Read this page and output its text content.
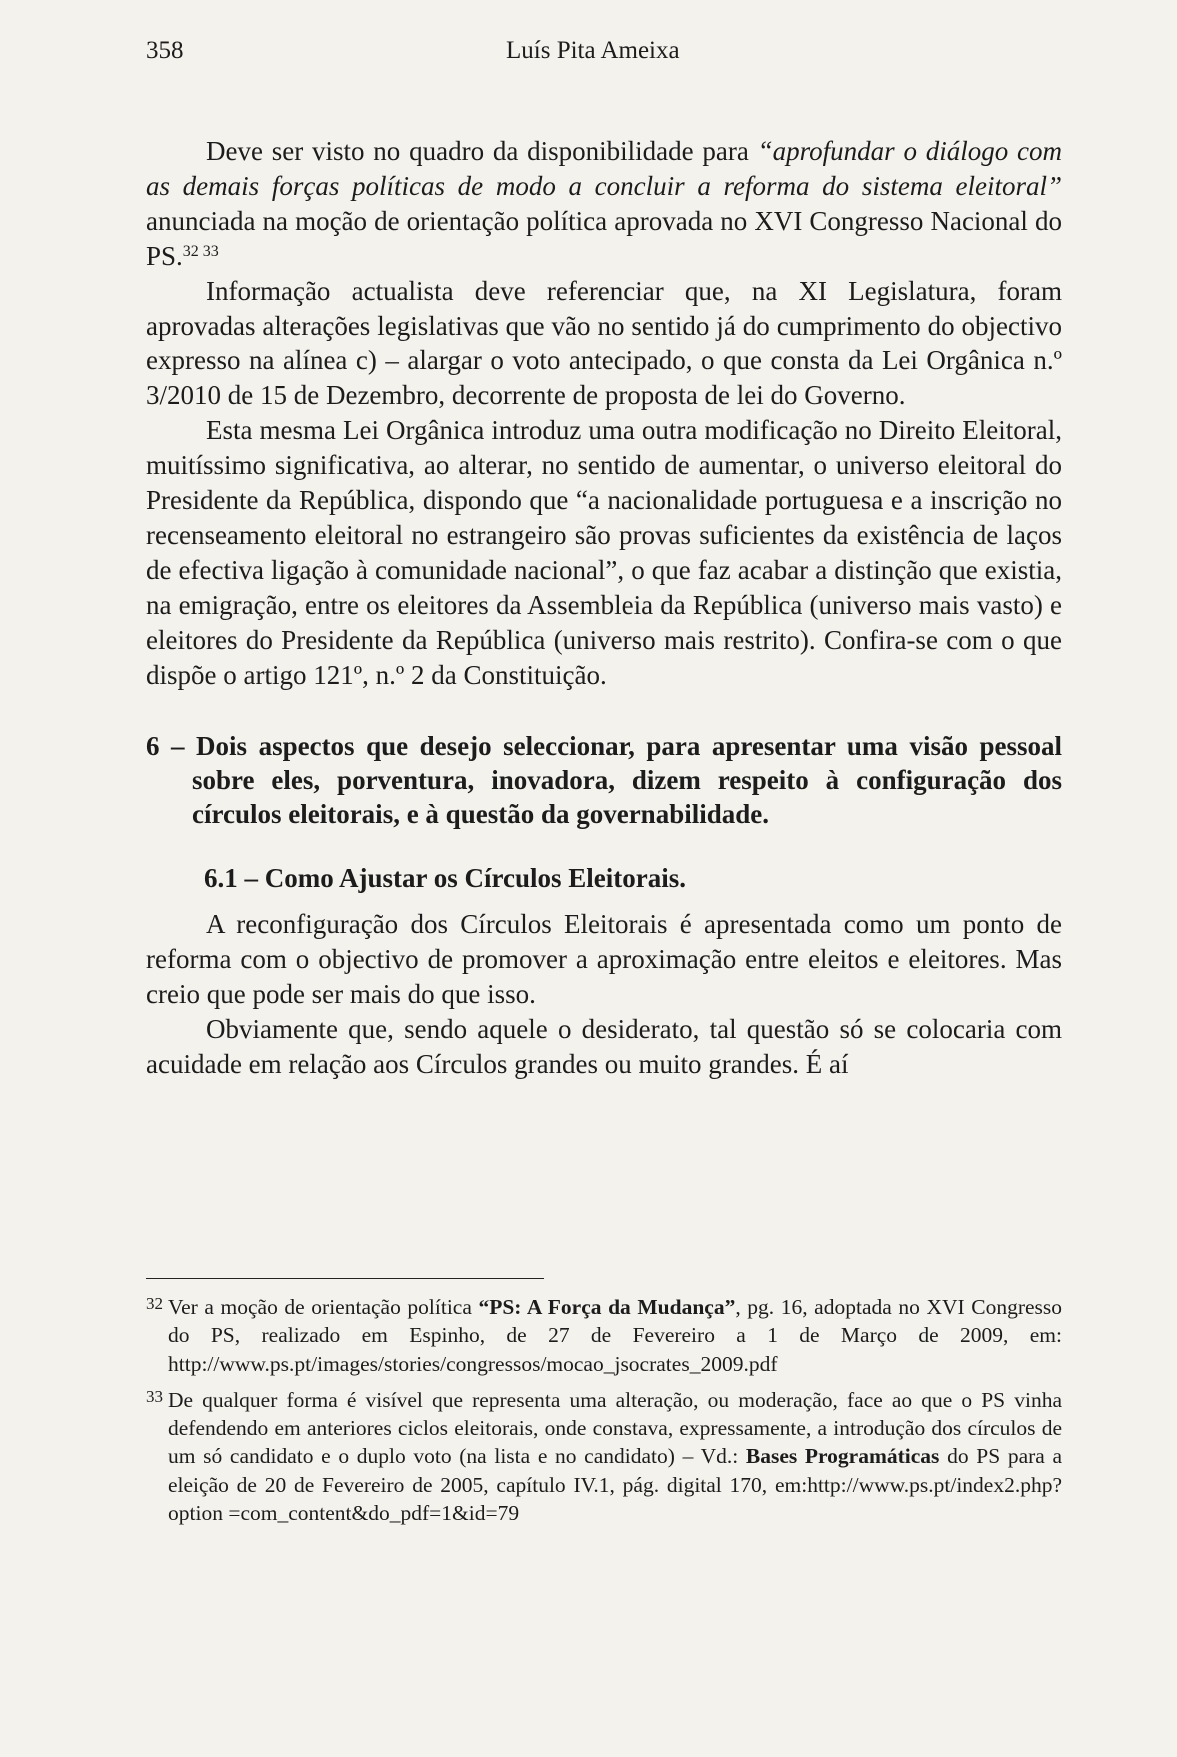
358	Luís Pita Ameixa

Deve ser visto no quadro da disponibilidade para “aprofundar o diálogo com as demais forças políticas de modo a concluir a reforma do sistema eleitoral” anunciada na moção de orientação política aprovada no XVI Congresso Nacional do PS.$^{32 33}$

Informação actualista deve referenciar que, na XI Legislatura, foram aprovadas alterações legislativas que vão no sentido já do cumprimento do objectivo expresso na alínea c) – alargar o voto antecipado, o que consta da Lei Orgânica n.º 3/2010 de 15 de Dezembro, decorrente de proposta de lei do Governo.

Esta mesma Lei Orgânica introduz uma outra modificação no Direito Eleitoral, muitíssimo significativa, ao alterar, no sentido de aumentar, o universo eleitoral do Presidente da República, dispondo que “a nacionalidade portuguesa e a inscrição no recenseamento eleitoral no estrangeiro são provas suficientes da existência de laços de efectiva ligação à comunidade nacional”, o que faz acabar a distinção que existia, na emigração, entre os eleitores da Assembleia da República (universo mais vasto) e eleitores do Presidente da República (universo mais restrito). Confira-se com o que dispõe o artigo 121º, n.º 2 da Constituição.

6 – Dois aspectos que desejo seleccionar, para apresentar uma visão pessoal sobre eles, porventura, inovadora, dizem respeito à configuração dos círculos eleitorais, e à questão da governabilidade.

6.1 – Como Ajustar os Círculos Eleitorais.

A reconfiguração dos Círculos Eleitorais é apresentada como um ponto de reforma com o objectivo de promover a aproximação entre eleitos e eleitores. Mas creio que pode ser mais do que isso.

Obviamente que, sendo aquele o desiderato, tal questão só se colocaria com acuidade em relação aos Círculos grandes ou muito grandes. É aí

32 Ver a moção de orientação política “PS: A Força da Mudança”, pg. 16, adoptada no XVI Congresso do PS, realizado em Espinho, de 27 de Fevereiro a 1 de Março de 2009, em: http://www.ps.pt/images/stories/congressos/mocao_jsocrates_2009.pdf

33 De qualquer forma é visível que representa uma alteração, ou moderação, face ao que o PS vinha defendendo em anteriores ciclos eleitorais, onde constava, expressamente, a introdução dos círculos de um só candidato e o duplo voto (na lista e no candidato) – Vd.: Bases Programáticas do PS para a eleição de 20 de Fevereiro de 2005, capítulo IV.1, pág. digital 170, em:http://www.ps.pt/index2.php?option =com_content&do_pdf=1&id=79
